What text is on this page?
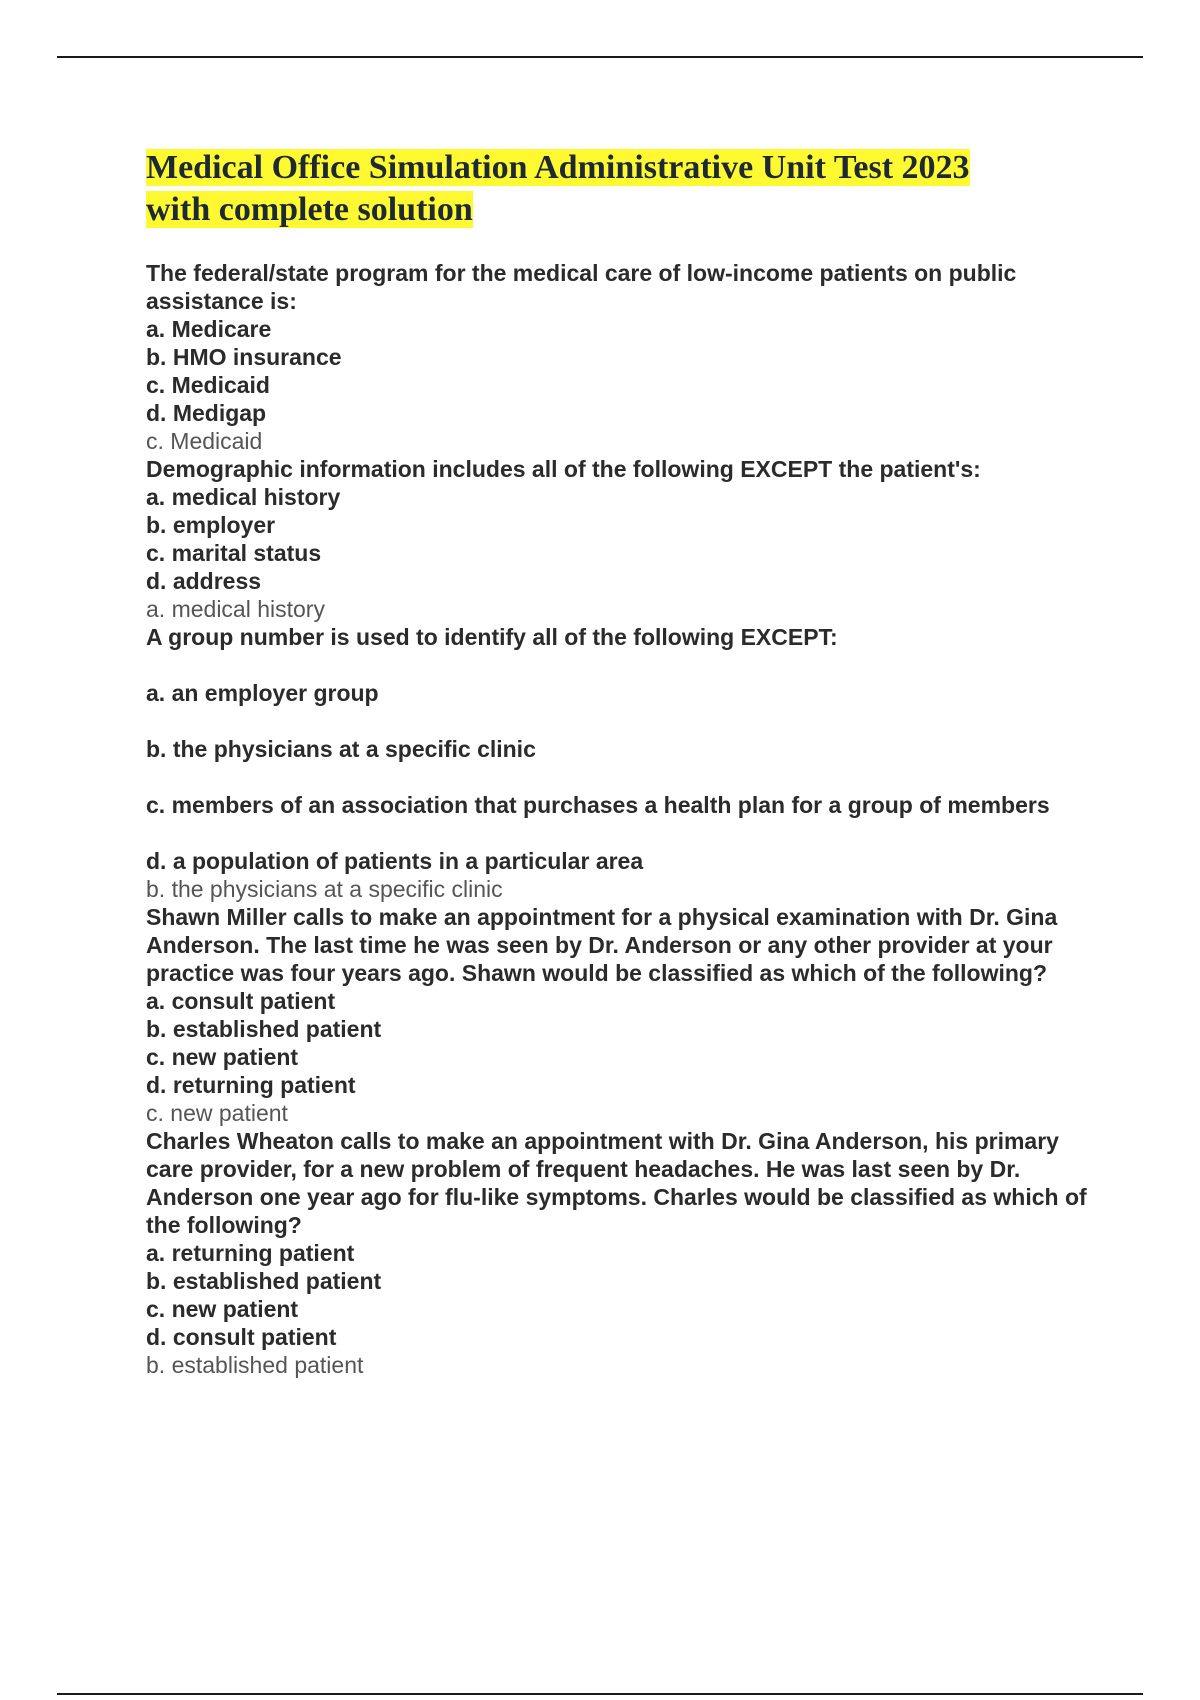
Medical Office Simulation Administrative Unit Test 2023
with complete solution

The federal/state program for the medical care of low-income patients on public assistance is:

a. Medicare

b. HMO insurance

c. Medicaid

d. Medigap

c. Medicaid

Demographic information includes all of the following EXCEPT the patient's:

a. medical history

b. employer

c. marital status

d. address

a. medical history

A group number is used to identify all of the following EXCEPT:

a. an employer group

b. the physicians at a specific clinic

c. members of an association that purchases a health plan for a group of members

d. a population of patients in a particular area

b. the physicians at a specific clinic

Shawn Miller calls to make an appointment for a physical examination with Dr. Gina Anderson. The last time he was seen by Dr. Anderson or any other provider at your practice was four years ago. Shawn would be classified as which of the following?

a. consult patient

b. established patient

c. new patient

d. returning patient

c. new patient

Charles Wheaton calls to make an appointment with Dr. Gina Anderson, his primary care provider, for a new problem of frequent headaches. He was last seen by Dr. Anderson one year ago for flu-like symptoms. Charles would be classified as which of the following?

a. returning patient

b. established patient

c. new patient

d. consult patient

b. established patient
